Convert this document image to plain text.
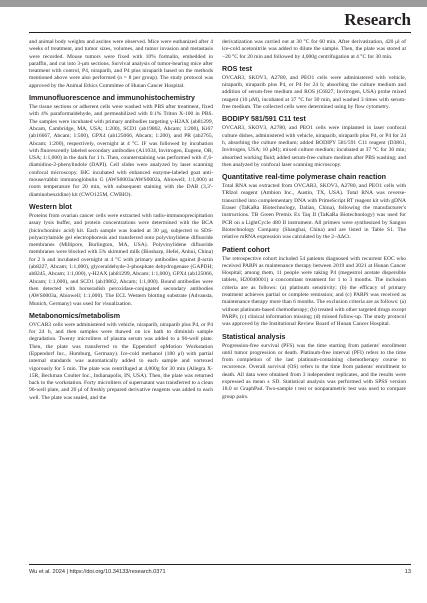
Research

and animal body weights and ascites were observed. Mice were euthanized after 4 weeks of treatment, and tumor sizes, volumes, and tumor invasion and metastasis were recorded. Mouse tumors were fixed with 10% formalin, embedded in paraffin, and cut into 3-μm sections. Survival analysis of tumor-bearing mice after treatment with control, P4, niraparib, and P4 plus niraparib based on the methods mentioned above were also performed (n = 8 per group). The study protocol was approved by the Animal Ethics Committee of Hunan Cancer Hospital.

Immunofluorescence and immunohistochemistry

The tissue sections or adherent cells were washed with PBS after treatment, fixed with 4% paraformaldehyde, and permeabilized with 0.1% Triton X-100 in PBS. The samples were incubated with primary antibodies targeting γ-H2AX (ab81299, Abcam, Cambridge, MA, USA; 1:200), SCD1 (ab19862, Abcam; 1:200), Ki67 (ab16667, Abcam; 1:500), GPX4 (ab125066, Abcam; 1:200), and PR (ab2765, Abcam; 1:200), respectively, overnight at 4 °C. IF was followed by incubation with fluorescently labeled secondary antibodies (A11034, Invitrogen, Eugene, OR, USA; 1:1,000) in the dark for 1 h. Then, counterstaining was performed with 4′,6-diamidino-2-phenylindole (DAPI). Cell slides were analyzed by laser scanning confocal microscopy. IHC incubated with enhanced enzyme-labeled goat anti-mouse/rabbit immunoglobulin G (AWS0003a/AWS0002a, Abiowell; 1:1,000) at room temperature for 20 min, with subsequent staining with the DAB (3,3′-diaminobenzidine) kit (CWO125M, CWBIO).

Western blot

Proteins from ovarian cancer cells were extracted with radio-immunoprecipitation assay lysis buffer, and protein concentrations were determined with the BCA (bicinchoninic acid) kit. Each sample was loaded at 30 μg, subjected to SDS-polyacrylamide gel electrophoresis and transferred onto polyvinylidene difluoride membranes (Millipore, Burlington, MA, USA). Polyvinylidene difluoride membranes were blocked with 5% skimmed milk (Biosharp, Hefei, Anhui, China) for 2 h and incubated overnight at 4 °C with primary antibodies against β-actin (ab8227, Abcam; 1:1,000), glyceraldehyde-3-phosphate dehydrogenase (GAPDH; ab8245, Abcam; 1:1,000), γ-H2AX (ab81299, Abcam; 1:1,000), GPX4 (ab125066, Abcam; 1:1,000), and SCD1 (ab19862, Abcam; 1:1,000). Bound antibodies were then detected with horseradish peroxidase-conjugated secondary antibodies (AWS0003a, Abiowell; 1:1,000). The ECL Western blotting substrate (Advansta, Munich, Germany) was used for visualization.

Metabonomics/metabolism

OVCAR3 cells were administered with vehicle, niraparib, niraparib plus P4, or P4 for 24 h, and then samples were thawed on ice bath to diminish sample degradation. Twenty microliters of plasma serum was added to a 96-well plate. Then, the plate was transferred to the Eppendorf epMotion Workstation (Eppendorf Inc., Humburg, Germany). Ice-cold methanol (180 μl) with partial internal standards was automatically added to each sample and vortexed vigorously for 5 min. The plate was centrifuged at 4,000g for 30 min (Allegra X-15R, Beckman Coulter Inc., Indianapolis, IN, USA). Then, the plate was returned back to the workstation. Forty microliters of supernatant was transferred to a clean 96-well plate, and 20 μl of freshly prepared derivative reagents was added to each well. The plate was sealed, and the

derivatization was carried out at 30 °C for 60 min. After derivatization, 420 μl of ice-cold acetonitrile was added to dilute the sample. Then, the plate was stored at −20 °C for 20 min and followed by 4,000g centrifugation at 4 °C for 30 min.

ROS test

OVCAR3, SKOV3, A2780, and PEO1 cells were administered with vehicle, niraparib, niraparib plus P4, or P4 for 24 h; absorbing the culture medium and addition of serum-free medium and ROS (C6827, Invitrogen, USA) probe mixed reagent (10 μM), incubated at 37 °C for 30 min, and washed 3 times with serum-free medium. The collected cells were determined using by flow cytometry.

BODIPY 581/591 C11 test

OVCAR3, SKOV3, A2780, and PEO1 cells were implanted in laser confocal culture dishes, administered with vehicle, niraparib, niraparib plus P4, or P4 for 24 h, absorbing the culture medium; added BODIPY 581/591 C11 reagent (D3861, Invitrogen, USA; 10 μM); mixed culture medium; incubated at 37 °C for 30 min; absorbed working fluid; added serum-free culture medium after PBS washing; and then analyzed by confocal laser scanning microscopy.

Quantitative real-time polymerase chain reaction

Total RNA was extracted from OVCAR3, SKOV3, A2780, and PEO1 cells with TRIzol reagent (Ambion Inc., Austin, TX, USA). Total RNA was reverse-transcribed into complementary DNA with PrimeScript RT reagent kit with gDNA Eraser (TaKaRa Biotechnology, Dalian, China), following the manufacturer's instructions. TB Green Premix Ex Taq II (TaKaRa Biotechnology) was used for PCR on a LightCycle 480 II instrument. All primers were synthesized by Sangon Biotechnology Company (Shanghai, China) and are listed in Table S1. The relative mRNA expression was calculated by the 2−ΔΔCt.

Patient cohort

The retrospective cohort included 54 patients diagnosed with recurrent EOC who received PARPi as maintenance therapy between 2019 and 2021 at Hunan Cancer Hospital; among them, 11 people were taking P4 (megestrol acetate dispersible tablets, H20040001) a concomitant treatment for 1 to 3 months. The inclusion criteria are as follows: (a) platinum sensitivity; (b) the efficacy of primary treatment achieves partial or complete remission; and (c) PARPi was received as maintenance therapy more than 6 months. The exclusion criteria are as follows: (a) without platinum-based chemotherapy; (b) treated with other targeted drugs except PARPi; (c) clinical information missing; (d) missed follow-up. The study protocol was approved by the Institutional Review Board of Hunan Cancer Hospital.

Statistical analysis

Progression-free survival (PFS) was the time starting from patients' enrollment until tumor progression or death. Platinum-free interval (PFI) refers to the time from completion of the last platinum-containing chemotherapy course to recurrence. Overall survival (OS) refers to the time from patients' enrollment to death. All data were obtained from 3 independent replicates, and the results were expressed as mean ± SD. Statistical analysis was performed with SPSS version 18.0 or GraphPad. Two-sample t test or nonparametric test was used to compare group pairs.

Wu et al. 2024 | https://doi.org/10.34133/research.0371	13
